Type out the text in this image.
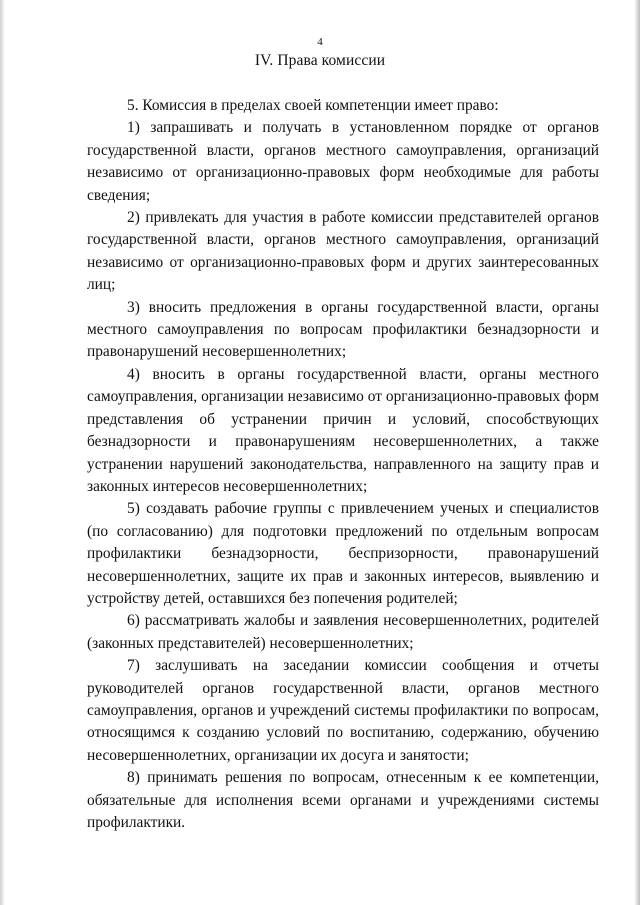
4
IV. Права комиссии

5. Комиссия в пределах своей компетенции имеет право:

1) запрашивать и получать в установленном порядке от органов государственной власти, органов местного самоуправления, организаций независимо от организационно-правовых форм необходимые для работы сведения;

2) привлекать для участия в работе комиссии представителей органов государственной власти, органов местного самоуправления, организаций независимо от организационно-правовых форм и других заинтересованных лиц;

3) вносить предложения в органы государственной власти, органы местного самоуправления по вопросам профилактики безнадзорности и правонарушений несовершеннолетних;

4) вносить в органы государственной власти, органы местного самоуправления, организации независимо от организационно-правовых форм представления об устранении причин и условий, способствующих безнадзорности и правонарушениям несовершеннолетних, а также устранении нарушений законодательства, направленного на защиту прав и законных интересов несовершеннолетних;

5) создавать рабочие группы с привлечением ученых и специалистов (по согласованию) для подготовки предложений по отдельным вопросам профилактики безнадзорности, беспризорности, правонарушений несовершеннолетних, защите их прав и законных интересов, выявлению и устройству детей, оставшихся без попечения родителей;

6) рассматривать жалобы и заявления несовершеннолетних, родителей (законных представителей) несовершеннолетних;

7) заслушивать на заседании комиссии сообщения и отчеты руководителей органов государственной власти, органов местного самоуправления, органов и учреждений системы профилактики по вопросам, относящимся к созданию условий по воспитанию, содержанию, обучению несовершеннолетних, организации их досуга и занятости;

8) принимать решения по вопросам, отнесенным к ее компетенции, обязательные для исполнения всеми органами и учреждениями системы профилактики.
